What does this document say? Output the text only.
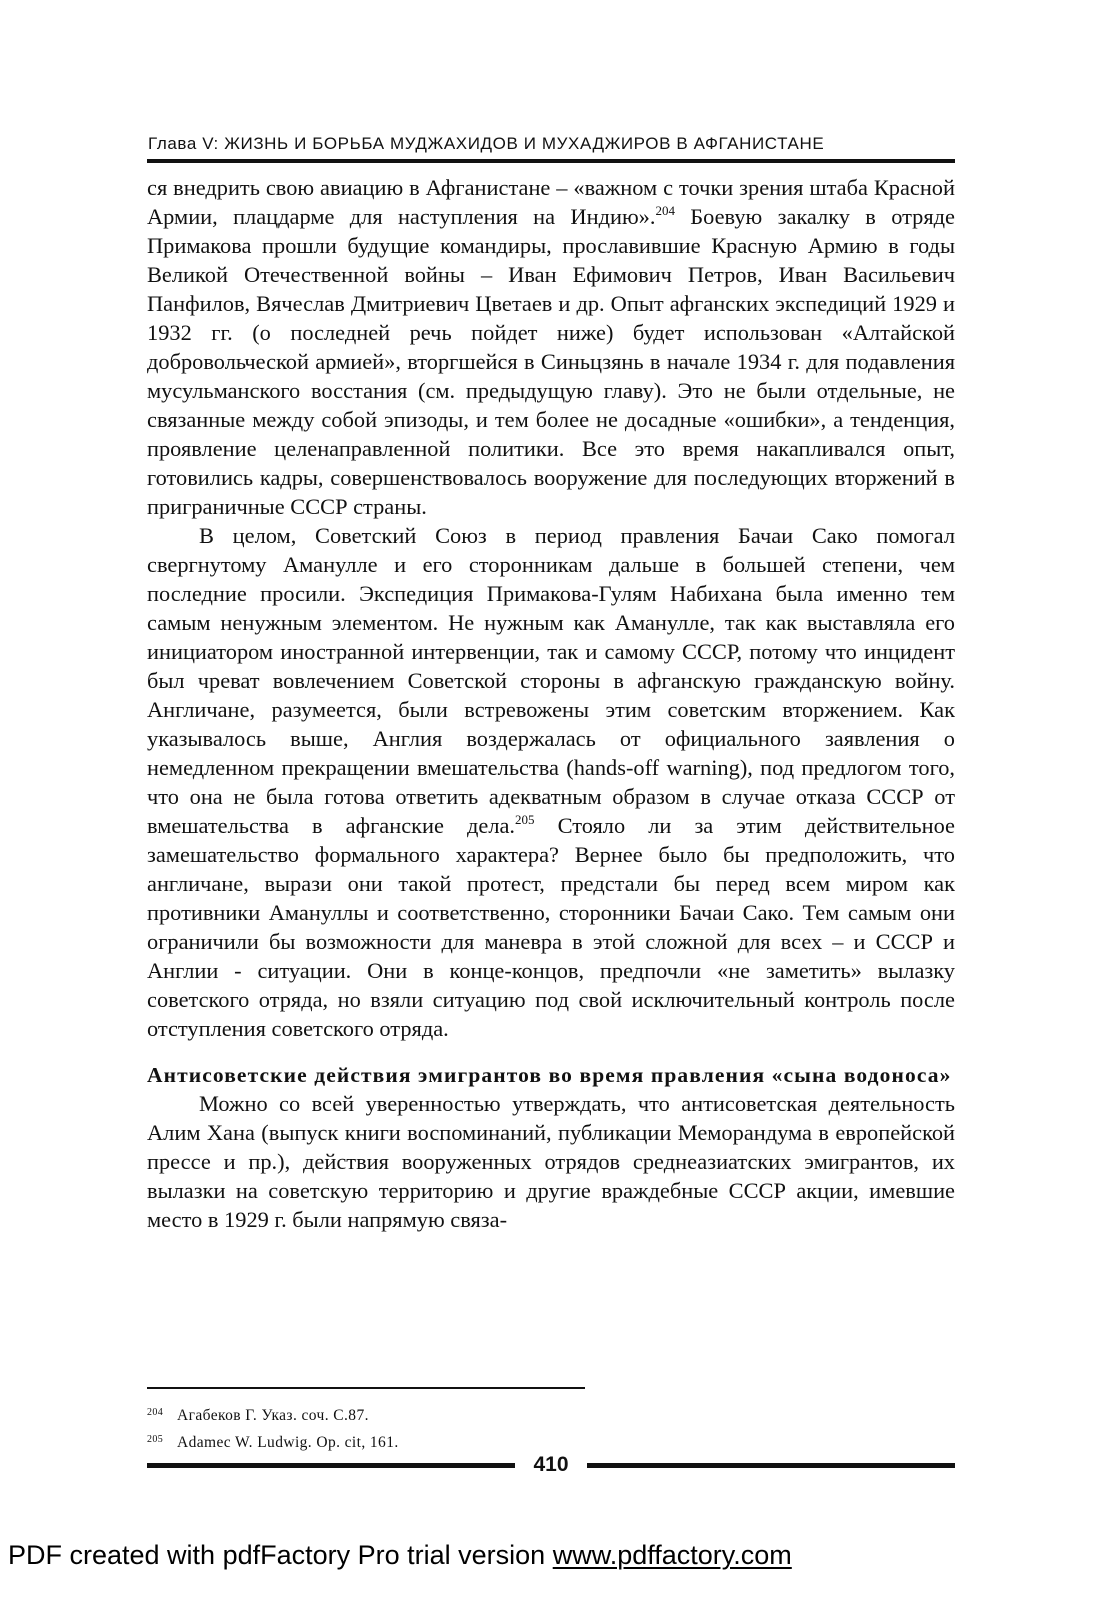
Глава V: ЖИЗНЬ И БОРЬБА МУДЖАХИДОВ И МУХАДЖИРОВ В АФГАНИСТАНЕ

ся внедрить свою авиацию в Афганистане – «важном с точки зрения штаба Красной Армии, плацдарме для наступления на Индию».$^{204}$ Боевую закалку в отряде Примакова прошли будущие командиры, прославившие Красную Армию в годы Великой Отечественной войны – Иван Ефимович Петров, Иван Васильевич Панфилов, Вячеслав Дмитриевич Цветаев и др. Опыт афганских экспедиций 1929 и 1932 гг. (о последней речь пойдет ниже) будет использован «Алтайской добровольческой армией», вторгшейся в Синьцзянь в начале 1934 г. для подавления мусульманского восстания (см. предыдущую главу). Это не были отдельные, не связанные между собой эпизоды, и тем более не досадные «ошибки», а тенденция, проявление целенаправленной политики. Все это время накапливался опыт, готовились кадры, совершенствовалось вооружение для последующих вторжений в приграничные СССР страны.

В целом, Советский Союз в период правления Бачаи Сако помогал свергнутому Аманулле и его сторонникам дальше в большей степени, чем последние просили. Экспедиция Примакова-Гулям Набихана была именно тем самым ненужным элементом. Не нужным как Аманулле, так как выставляла его инициатором иностранной интервенции, так и самому СССР, потому что инцидент был чреват вовлечением Советской стороны в афганскую гражданскую войну. Англичане, разумеется, были встревожены этим советским вторжением. Как указывалось выше, Англия воздержалась от официального заявления о немедленном прекращении вмешательства (hands-off warning), под предлогом того, что она не была готова ответить адекватным образом в случае отказа СССР от вмешательства в афганские дела.$^{205}$ Стояло ли за этим действительное замешательство формального характера? Вернее было бы предположить, что англичане, вырази они такой протест, предстали бы перед всем миром как противники Амануллы и соответственно, сторонники Бачаи Сако. Тем самым они ограничили бы возможности для маневра в этой сложной для всех – и СССР и Англии - ситуации. Они в конце-концов, предпочли «не заметить» вылазку советского отряда, но взяли ситуацию под свой исключительный контроль после отступления советского отряда.

Антисоветские действия эмигрантов во время правления «сына водоноса»

Можно со всей уверенностью утверждать, что антисоветская деятельность Алим Хана (выпуск книги воспоминаний, публикации Меморандума в европейской прессе и пр.), действия вооруженных отрядов среднеазиатских эмигрантов, их вылазки на советскую территорию и другие враждебные СССР акции, имевшие место в 1929 г. были напрямую связа-

204 Агабеков Г. Указ. соч. С.87.
205 Adamec W. Ludwig. Op. cit, 161.
410
PDF created with pdfFactory Pro trial version www.pdffactory.com
